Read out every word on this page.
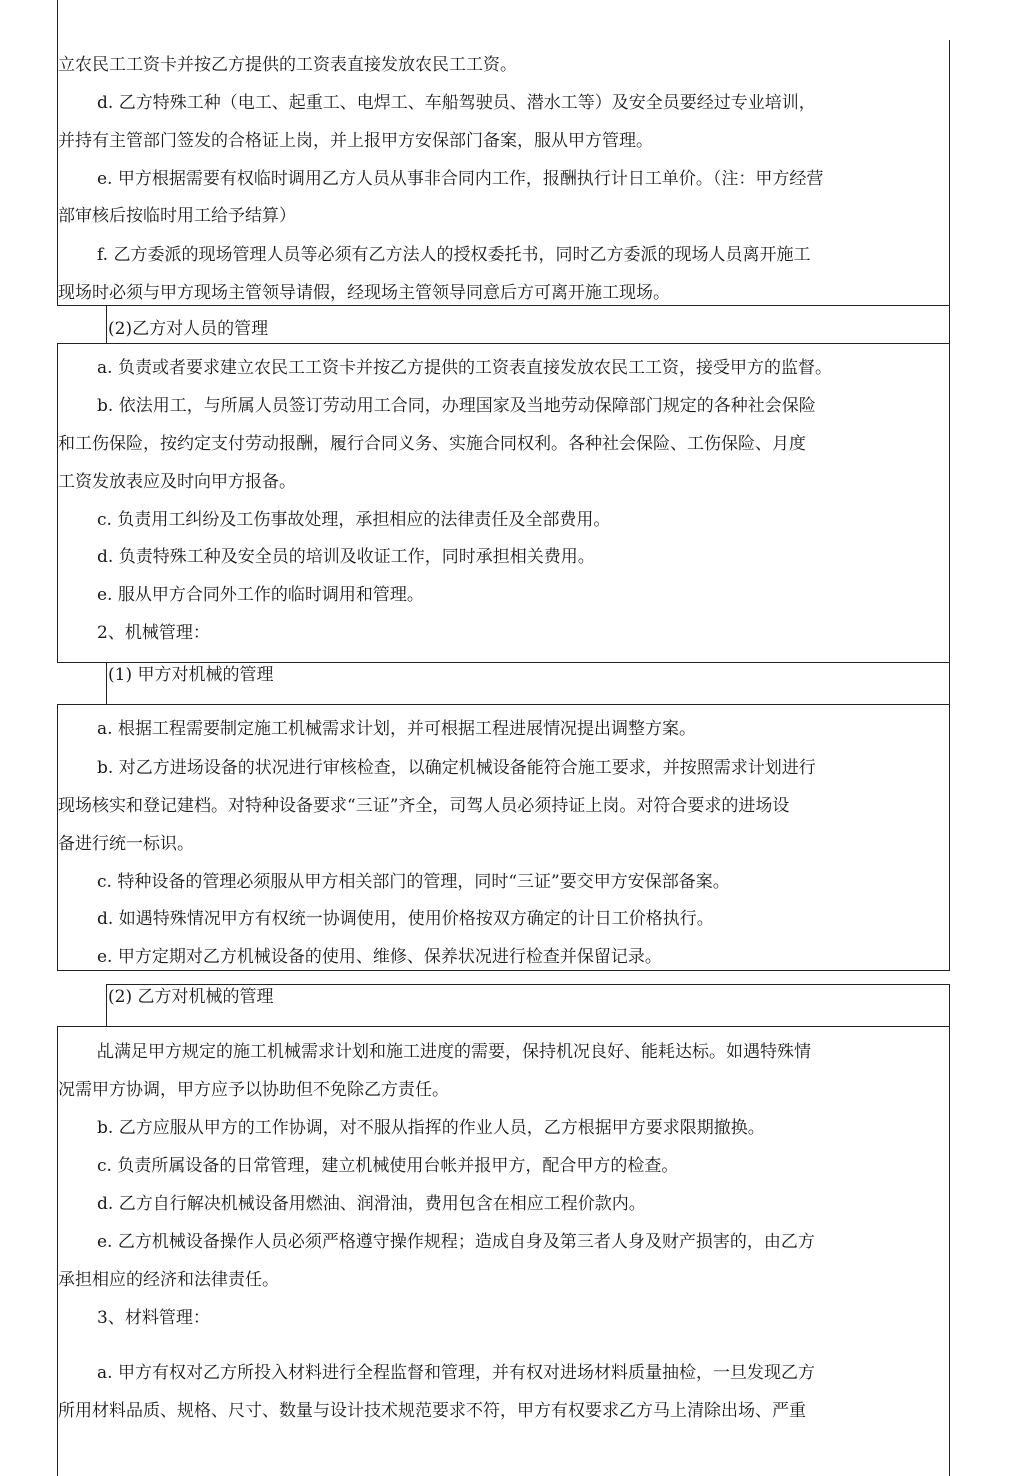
立农民工工资卡并按乙方提供的工资表直接发放农民工工资。
d. 乙方特殊工种（电工、起重工、电焊工、车船驾驶员、潜水工等）及安全员要经过专业培训，
并持有主管部门签发的合格证上岗，并上报甲方安保部门备案，服从甲方管理。
e. 甲方根据需要有权临时调用乙方人员从事非合同内工作，报酬执行计日工单价。（注：甲方经营
部审核后按临时用工给予结算）
f. 乙方委派的现场管理人员等必须有乙方法人的授权委托书，同时乙方委派的现场人员离开施工
现场时必须与甲方现场主管领导请假，经现场主管领导同意后方可离开施工现场。
(2)乙方对人员的管理
a. 负责或者要求建立农民工工资卡并按乙方提供的工资表直接发放农民工工资，接受甲方的监督。
b. 依法用工，与所属人员签订劳动用工合同，办理国家及当地劳动保障部门规定的各种社会保险
和工伤保险，按约定支付劳动报酬，履行合同义务、实施合同权利。各种社会保险、工伤保险、月度
工资发放表应及时向甲方报备。
c. 负责用工纠纷及工伤事故处理，承担相应的法律责任及全部费用。
d. 负责特殊工种及安全员的培训及收证工作，同时承担相关费用。
e. 服从甲方合同外工作的临时调用和管理。
2、机械管理：
(1) 甲方对机械的管理
a. 根据工程需要制定施工机械需求计划，并可根据工程进展情况提出调整方案。
b. 对乙方进场设备的状况进行审核检查，以确定机械设备能符合施工要求，并按照需求计划进行
现场核实和登记建档。对特种设备要求“三证”齐全，司驾人员必须持证上岗。对符合要求的进场设
备进行统一标识。
c. 特种设备的管理必须服从甲方相关部门的管理，同时“三证”要交甲方安保部备案。
d. 如遇特殊情况甲方有权统一协调使用，使用价格按双方确定的计日工价格执行。
e. 甲方定期对乙方机械设备的使用、维修、保养状况进行检查并保留记录。
(2) 乙方对机械的管理
乩满足甲方规定的施工机械需求计划和施工进度的需要，保持机况良好、能耗达标。如遇特殊情
况需甲方协调，甲方应予以协助但不免除乙方责任。
b. 乙方应服从甲方的工作协调，对不服从指挥的作业人员，乙方根据甲方要求限期撤换。
c. 负责所属设备的日常管理，建立机械使用台帐并报甲方，配合甲方的检查。
d. 乙方自行解决机械设备用燃油、润滑油，费用包含在相应工程价款内。
e. 乙方机械设备操作人员必须严格遵守操作规程；造成自身及第三者人身及财产损害的，由乙方
承担相应的经济和法律责任。
3、材料管理：
a. 甲方有权对乙方所投入材料进行全程监督和管理，并有权对进场材料质量抽检，一旦发现乙方
所用材料品质、规格、尺寸、数量与设计技术规范要求不符，甲方有权要求乙方马上清除出场、严重
